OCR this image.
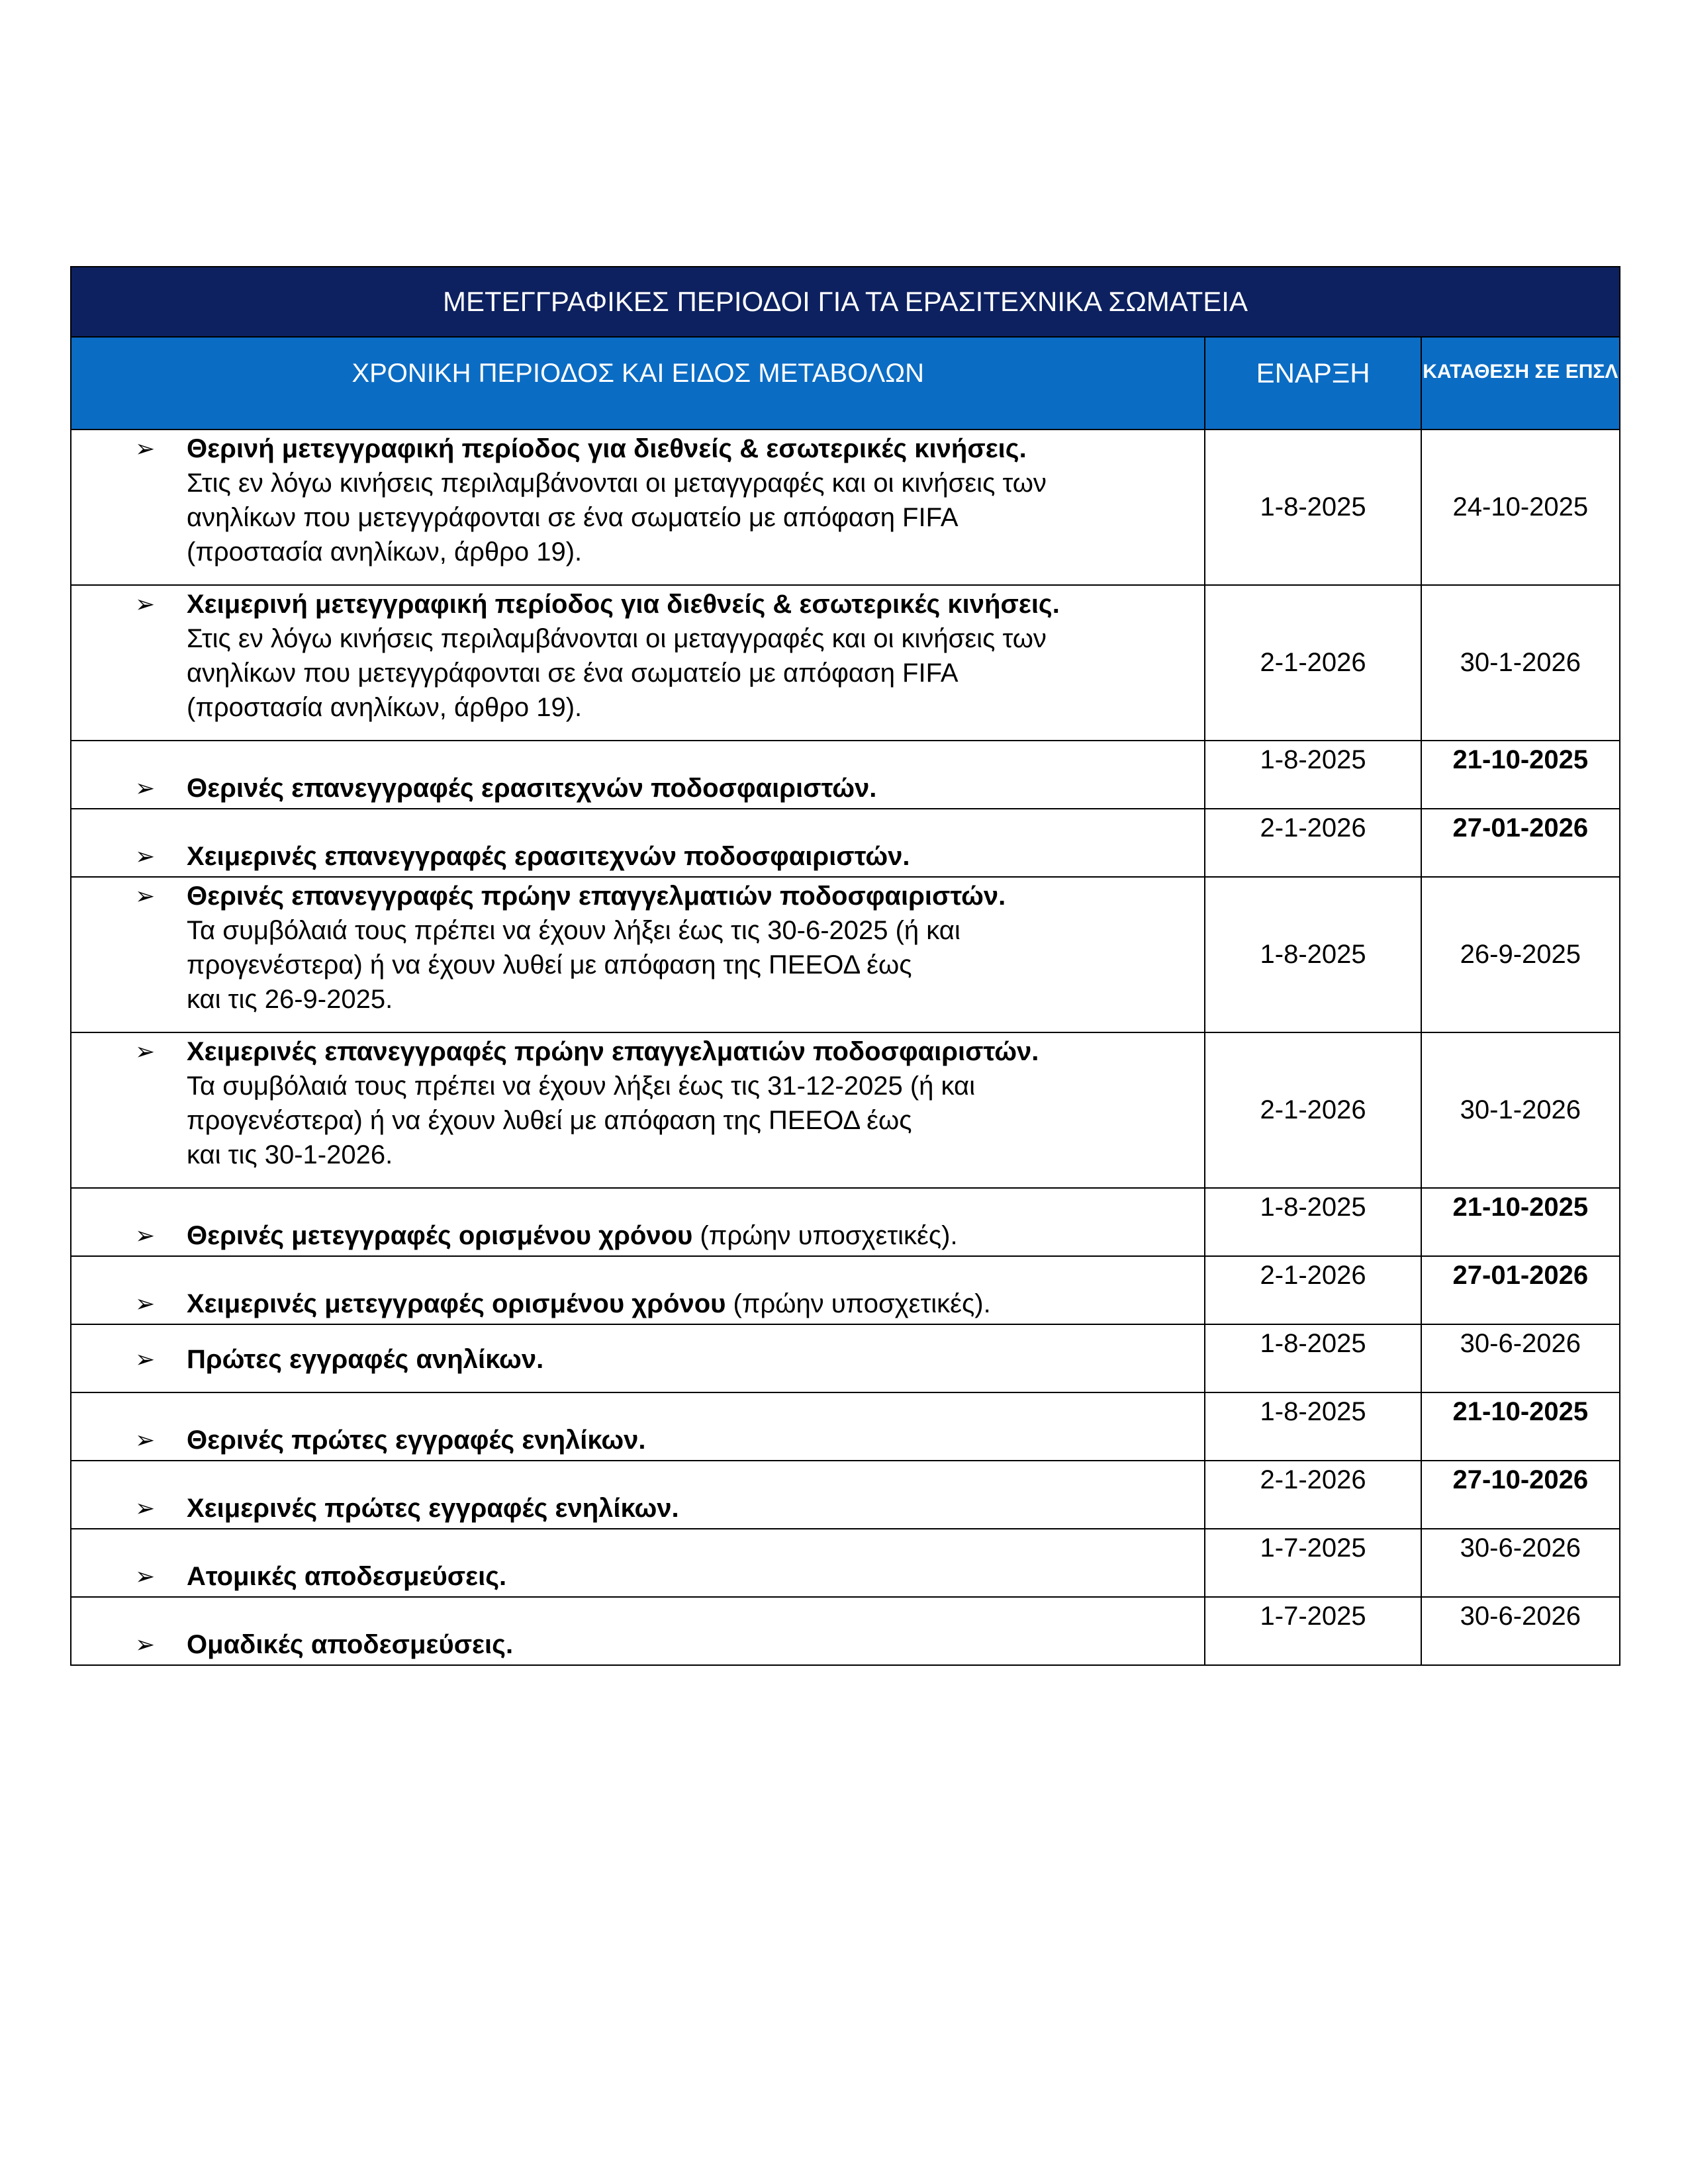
ΜΕΤΕΓΓΡΑΦΙΚΕΣ ΠΕΡΙΟΔΟΙ ΓΙΑ ΤΑ ΕΡΑΣΙΤΕΧΝΙΚΑ ΣΩΜΑΤΕΙΑ		
ΧΡΟΝΙΚΗ ΠΕΡΙΟΔΟΣ ΚΑΙ ΕΙΔΟΣ ΜΕΤΑΒΟΛΩΝ	ΕΝΑΡΞΗ	ΚΑΤΑΘΕΣΗ ΣΕ ΕΠΣΛ

➢ Θερινή μετεγγραφική περίοδος για διεθνείς & εσωτερικές κινήσεις.
Στις εν λόγω κινήσεις περιλαμβάνονται οι μεταγγραφές και οι κινήσεις των
ανηλίκων που μετεγγράφονται σε ένα σωματείο με απόφαση FIFA
(προστασία ανηλίκων, άρθρο 19).	1-8-2025	24-10-2025

➢ Χειμερινή μετεγγραφική περίοδος για διεθνείς & εσωτερικές κινήσεις.
Στις εν λόγω κινήσεις περιλαμβάνονται οι μεταγγραφές και οι κινήσεις των
ανηλίκων που μετεγγράφονται σε ένα σωματείο με απόφαση FIFA
(προστασία ανηλίκων, άρθρο 19).	2-1-2026	30-1-2026

➢ Θερινές επανεγγραφές ερασιτεχνών ποδοσφαιριστών.	1-8-2025	21-10-2025

➢ Χειμερινές επανεγγραφές ερασιτεχνών ποδοσφαιριστών.	2-1-2026	27-01-2026

➢ Θερινές επανεγγραφές πρώην επαγγελματιών ποδοσφαιριστών.
Τα συμβόλαιά τους πρέπει να έχουν λήξει έως τις 30-6-2025 (ή και
προγενέστερα) ή να έχουν λυθεί με απόφαση της ΠΕΕΟΔ έως
και τις 26-9-2025.	1-8-2025	26-9-2025

➢ Χειμερινές επανεγγραφές πρώην επαγγελματιών ποδοσφαιριστών.
Τα συμβόλαιά τους πρέπει να έχουν λήξει έως τις 31-12-2025 (ή και
προγενέστερα) ή να έχουν λυθεί με απόφαση της ΠΕΕΟΔ έως
και τις 30-1-2026.	2-1-2026	30-1-2026

➢ Θερινές μετεγγραφές ορισμένου χρόνου (πρώην υποσχετικές).	1-8-2025	21-10-2025

➢ Χειμερινές μετεγγραφές ορισμένου χρόνου (πρώην υποσχετικές).	2-1-2026	27-01-2026

➢ Πρώτες εγγραφές ανηλίκων.	1-8-2025	30-6-2026

➢ Θερινές πρώτες εγγραφές ενηλίκων.	1-8-2025	21-10-2025

➢ Χειμερινές πρώτες εγγραφές ενηλίκων.	2-1-2026	27-10-2026

➢ Ατομικές αποδεσμεύσεις.	1-7-2025	30-6-2026

➢ Ομαδικές αποδεσμεύσεις.	1-7-2025	30-6-2026
